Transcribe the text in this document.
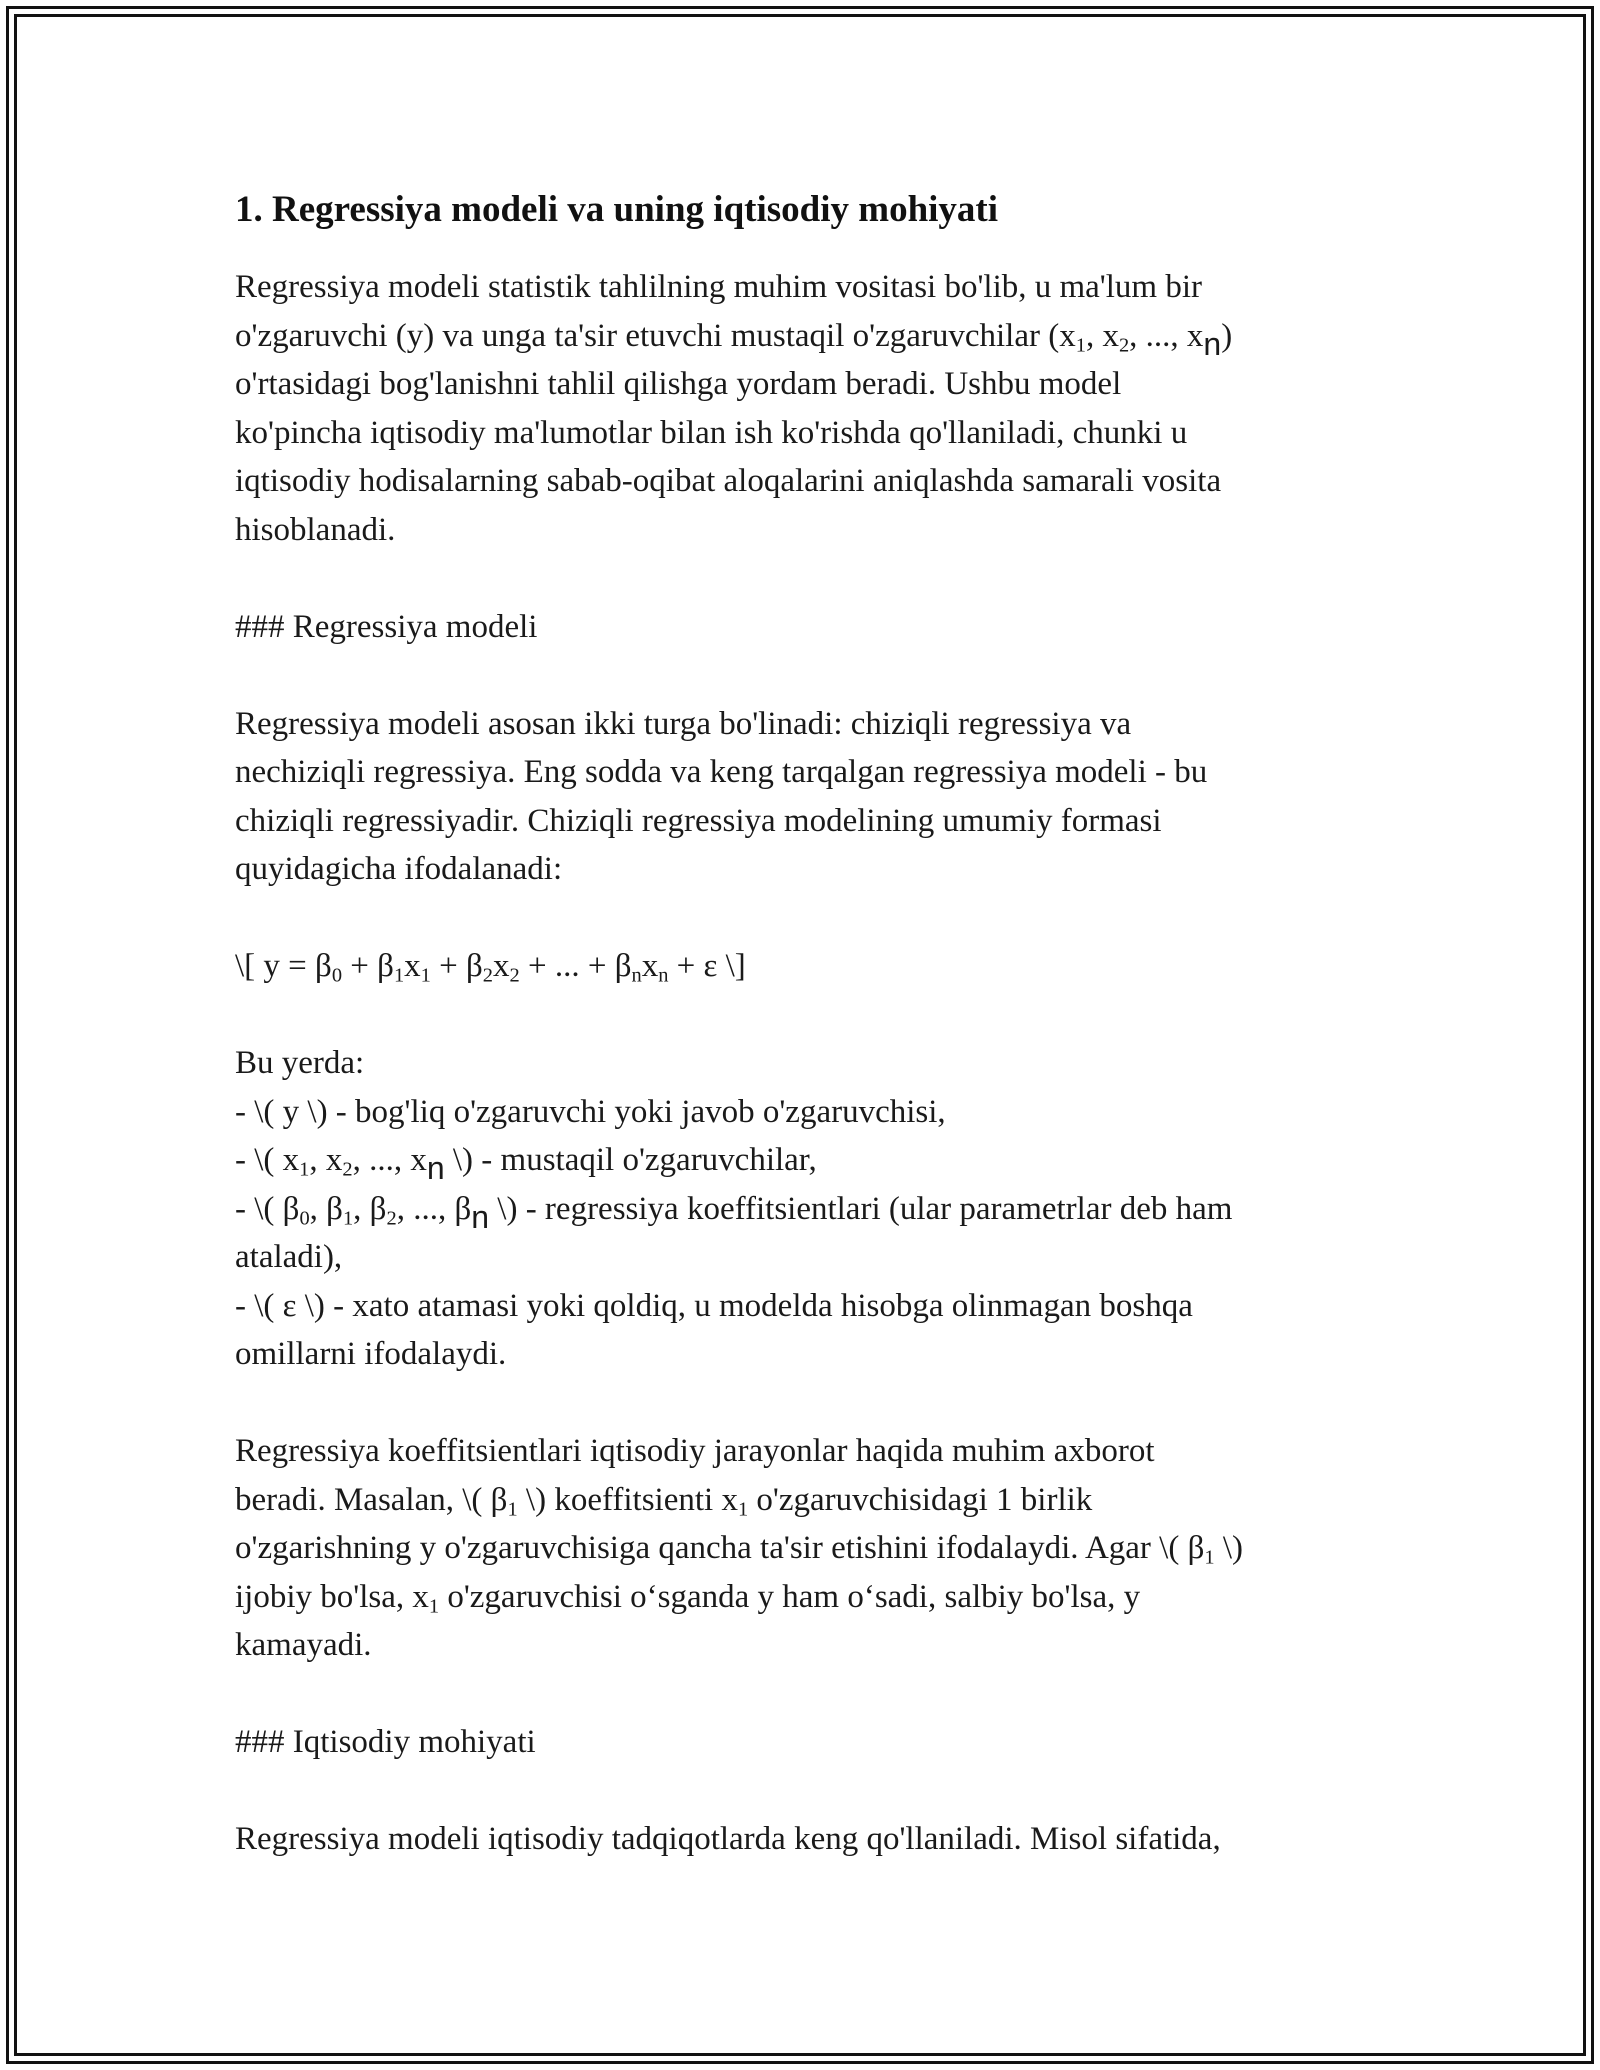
1. Regressiya modeli va uning iqtisodiy mohiyati

Regressiya modeli statistik tahlilning muhim vositasi bo'lib, u ma'lum bir
o'zgaruvchi (y) va unga ta'sir etuvchi mustaqil o'zgaruvchilar ($x_1$, $x_2$, ..., $x_n$)
o'rtasidagi bog'lanishni tahlil qilishga yordam beradi. Ushbu model
ko'pincha iqtisodiy ma'lumotlar bilan ish ko'rishda qo'llaniladi, chunki u
iqtisodiy hodisalarning sabab-oqibat aloqalarini aniqlashda samarali vosita
hisoblanadi.

### Regressiya modeli

Regressiya modeli asosan ikki turga bo'linadi: chiziqli regressiya va
nechiziqli regressiya. Eng sodda va keng tarqalgan regressiya modeli - bu
chiziqli regressiyadir. Chiziqli regressiya modelining umumiy formasi
quyidagicha ifodalanadi:

\[ $y = \beta_0 + \beta_1x_1 + \beta_2x_2$ + ... + $\beta_nx_n + \varepsilon$ \]

Bu yerda:
- \( y \) - bog'liq o'zgaruvchi yoki javob o'zgaruvchisi,
- \( $x_1$, $x_2$, ..., $x_n$ \) - mustaqil o'zgaruvchilar,
- \( $\beta_0$, $\beta_1$, $\beta_2$, ..., $\beta_n$ \) - regressiya koeffitsientlari (ular parametrlar deb ham
ataladi),
- \( ε \) - xato atamasi yoki qoldiq, u modelda hisobga olinmagan boshqa
omillarni ifodalaydi.

Regressiya koeffitsientlari iqtisodiy jarayonlar haqida muhim axborot
beradi. Masalan, \( $\beta_1$ \) koeffitsienti $x_1$ o'zgaruvchisidagi 1 birlik
o'zgarishning y o'zgaruvchisiga qancha ta'sir etishini ifodalaydi. Agar \( $\beta_1$ \)
ijobiy bo'lsa, $x_1$ o'zgaruvchisi o‘sganda y ham o‘sadi, salbiy bo'lsa, y
kamayadi.

### Iqtisodiy mohiyati

Regressiya modeli iqtisodiy tadqiqotlarda keng qo'llaniladi. Misol sifatida,
